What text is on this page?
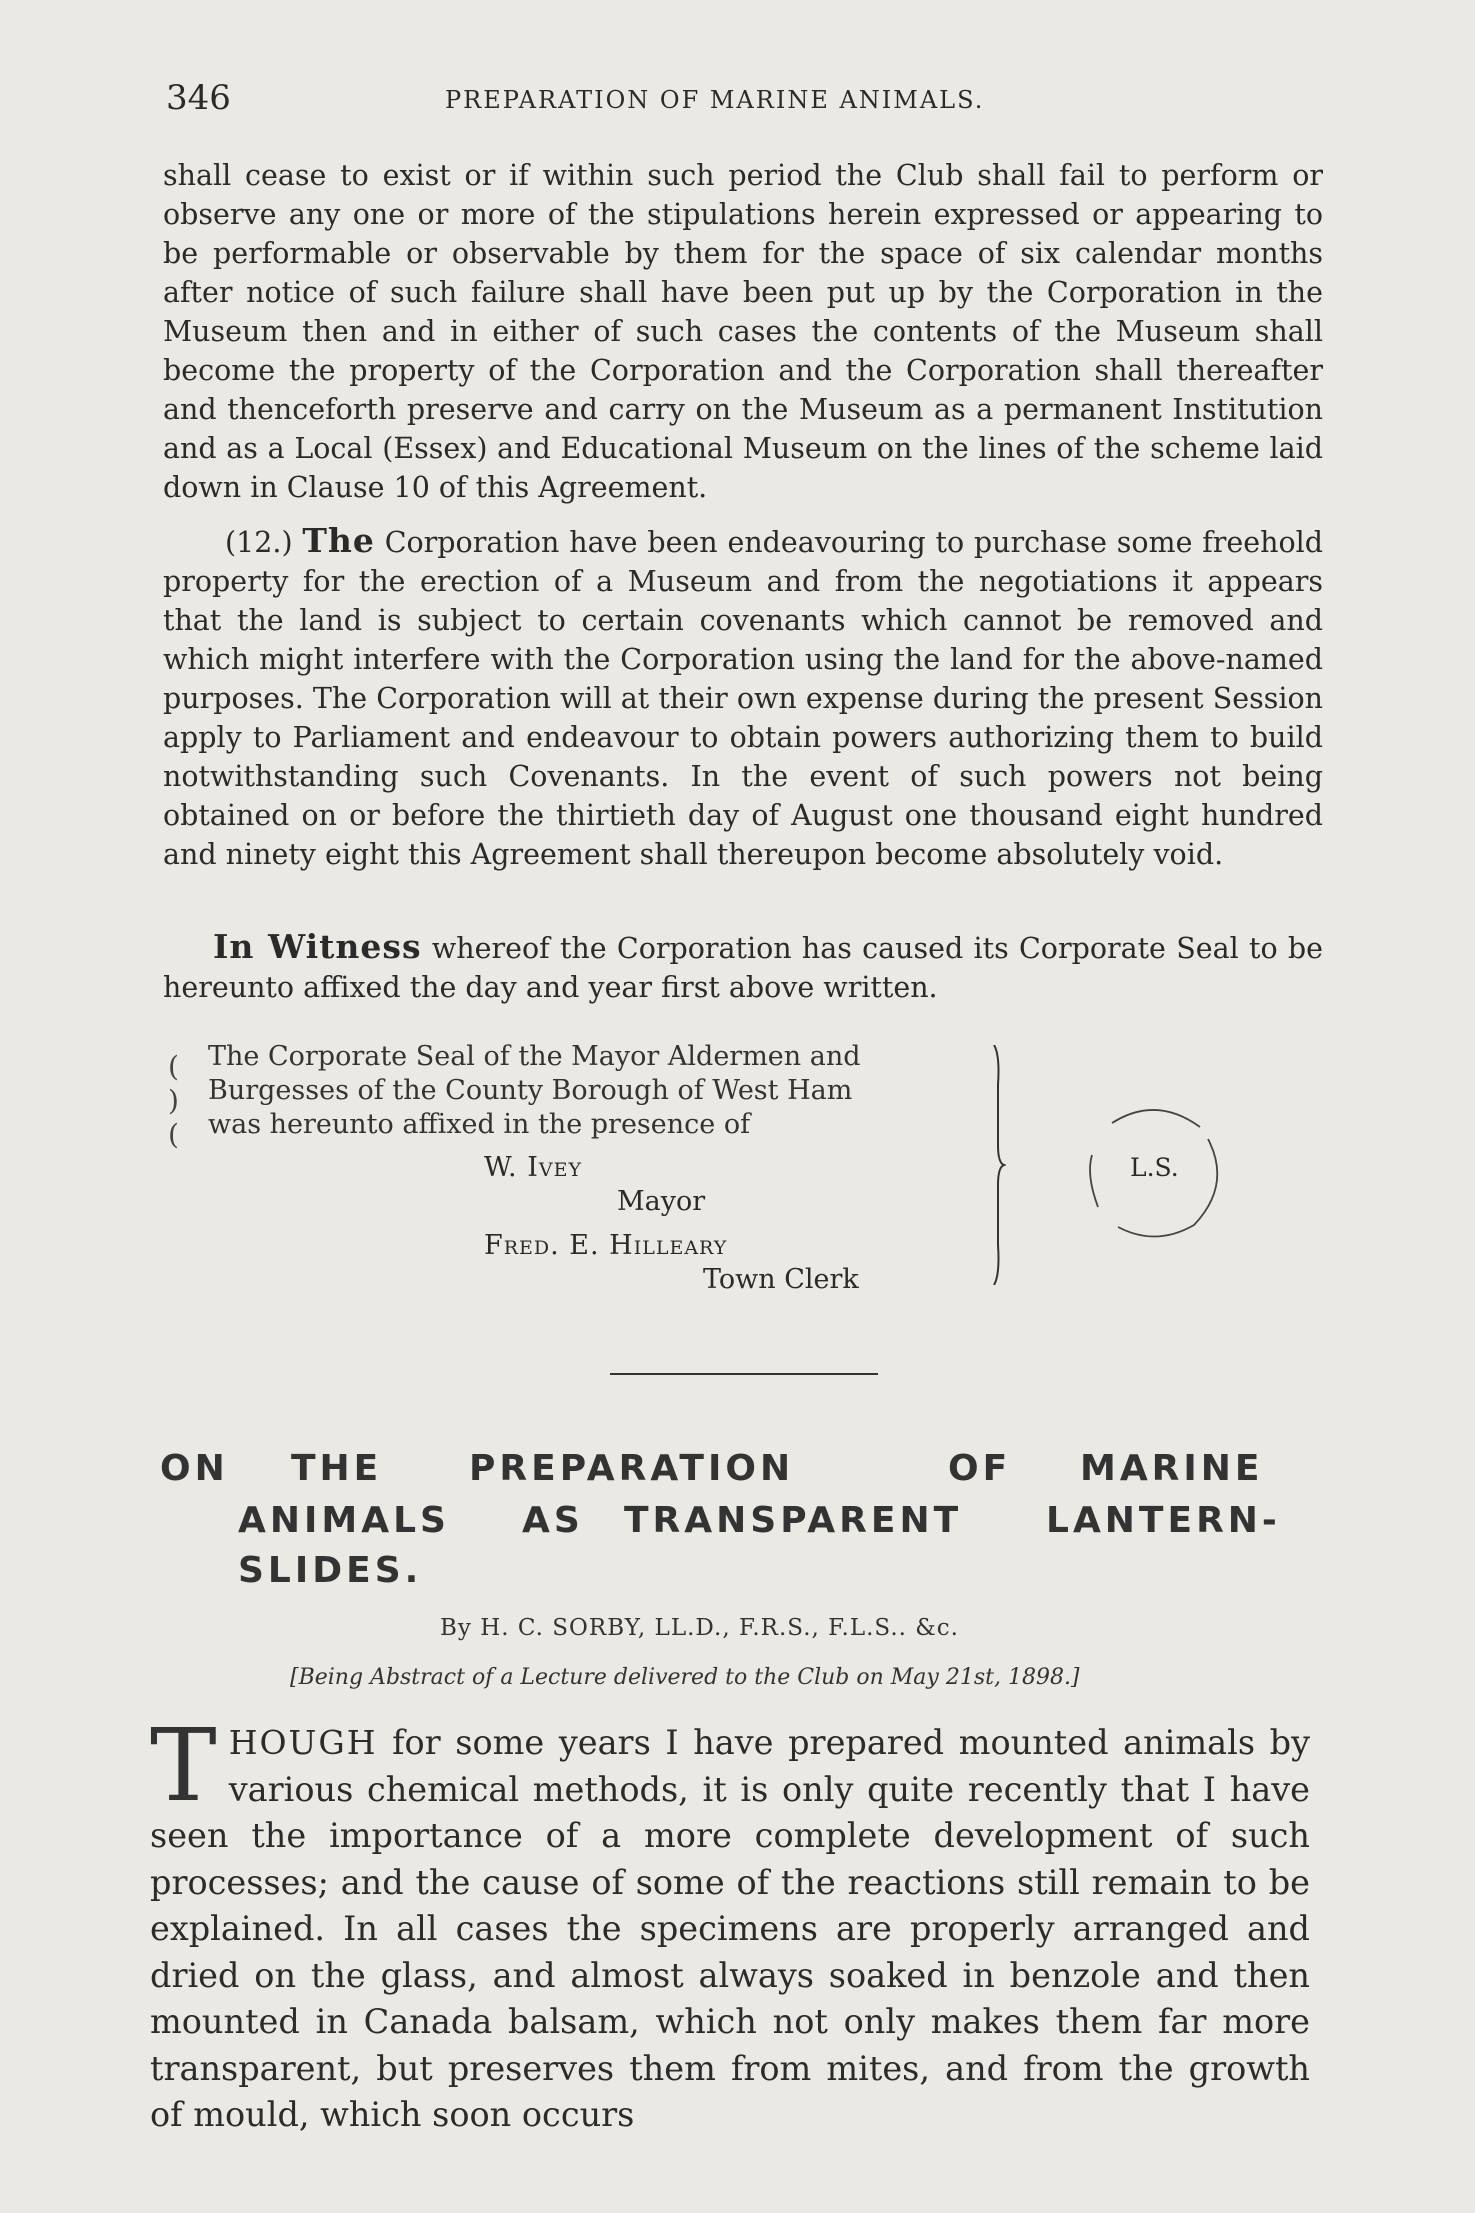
346	PREPARATION OF MARINE ANIMALS.
shall cease to exist or if within such period the Club shall fail to perform or observe any one or more of the stipulations herein expressed or appearing to be performable or observable by them for the space of six calendar months after notice of such failure shall have been put up by the Corporation in the Museum then and in either of such cases the contents of the Museum shall become the property of the Corporation and the Corporation shall thereafter and thenceforth preserve and carry on the Museum as a permanent Institution and as a Local (Essex) and Educational Museum on the lines of the scheme laid down in Clause 10 of this Agreement.
(12.) The Corporation have been endeavouring to purchase some freehold property for the erection of a Museum and from the negotiations it appears that the land is subject to certain covenants which cannot be removed and which might interfere with the Corporation using the land for the above-named purposes. The Corporation will at their own expense during the present Session apply to Parliament and endeavour to obtain powers authorizing them to build notwithstanding such Covenants. In the event of such powers not being obtained on or before the thirtieth day of August one thousand eight hundred and ninety eight this Agreement shall thereupon become absolutely void.
In Witness whereof the Corporation has caused its Corporate Seal to be hereunto affixed the day and year first above written.
(
)
(
The Corporate Seal of the Mayor Aldermen and
Burgesses of the County Borough of West Ham
was hereunto affixed in the presence of
W. Ivey
Mayor
Fred. E. Hilleary
Town Clerk
L.S.
ON THE PREPARATION	OF MARINE
ANIMALS AS TRANSPARENT LANTERN-
SLIDES.
By H. C. SORBY, LL.D., F.R.S., F.L.S.. &c.
[Being Abstract of a Lecture delivered to the Club on May 21st, 1898.]
THOUGH for some years I have prepared mounted animals by various chemical methods, it is only quite recently that I have seen the importance of a more complete development of such processes; and the cause of some of the reactions still remain to be explained. In all cases the specimens are properly arranged and dried on the glass, and almost always soaked in benzole and then mounted in Canada balsam, which not only makes them far more transparent, but preserves them from mites, and from the growth of mould, which soon occurs
